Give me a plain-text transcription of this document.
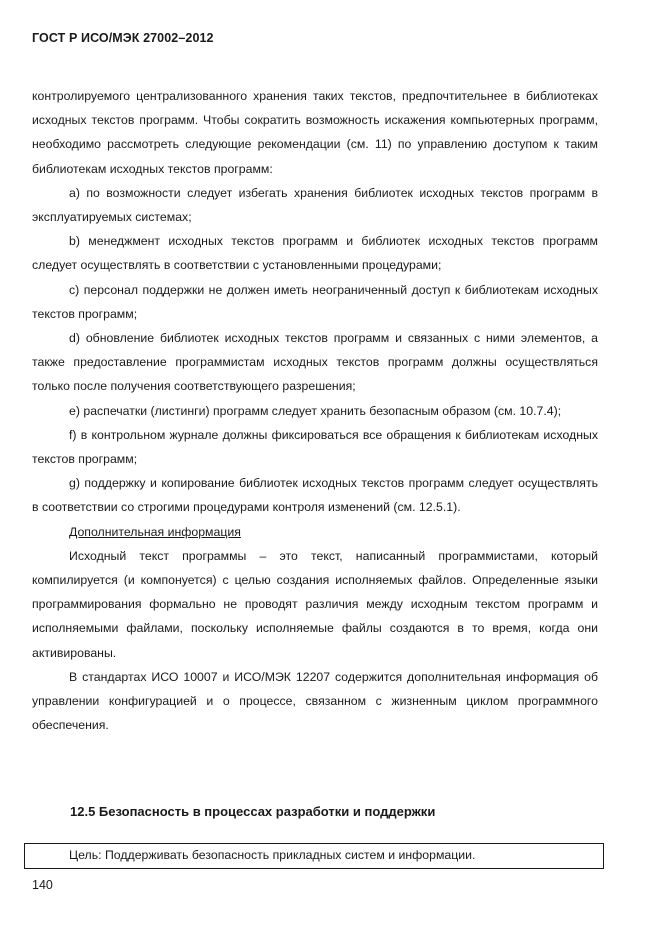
ГОСТ Р ИСО/МЭК 27002–2012

контролируемого централизованного хранения таких текстов, предпочтительнее в библиотеках исходных текстов программ. Чтобы сократить возможность искажения компьютерных программ, необходимо рассмотреть следующие рекомендации (см. 11) по управлению доступом к таким библиотекам исходных текстов программ:

a) по возможности следует избегать хранения библиотек исходных текстов программ в эксплуатируемых системах;

b) менеджмент исходных текстов программ и библиотек исходных текстов программ следует осуществлять в соответствии с установленными процедурами;

c) персонал поддержки не должен иметь неограниченный доступ к библиотекам исходных текстов программ;

d) обновление библиотек исходных текстов программ и связанных с ними элементов, а также предоставление программистам исходных текстов программ должны осуществляться только после получения соответствующего разрешения;

e) распечатки (листинги) программ следует хранить безопасным образом (см. 10.7.4);

f) в контрольном журнале должны фиксироваться все обращения к библиотекам исходных текстов программ;

g) поддержку и копирование библиотек исходных текстов программ следует осуществлять в соответствии со строгими процедурами контроля изменений (см. 12.5.1).

Дополнительная информация

Исходный текст программы – это текст, написанный программистами, который компилируется (и компонуется) с целью создания исполняемых файлов. Определенные языки программирования формально не проводят различия между исходным текстом программ и исполняемыми файлами, поскольку исполняемые файлы создаются в то время, когда они активированы.

В стандартах ИСО 10007 и ИСО/МЭК 12207 содержится дополнительная информация об управлении конфигурацией и о процессе, связанном с жизненным циклом программного обеспечения.

12.5 Безопасность в процессах разработки и поддержки
Цель: Поддерживать безопасность прикладных систем и информации.
140
